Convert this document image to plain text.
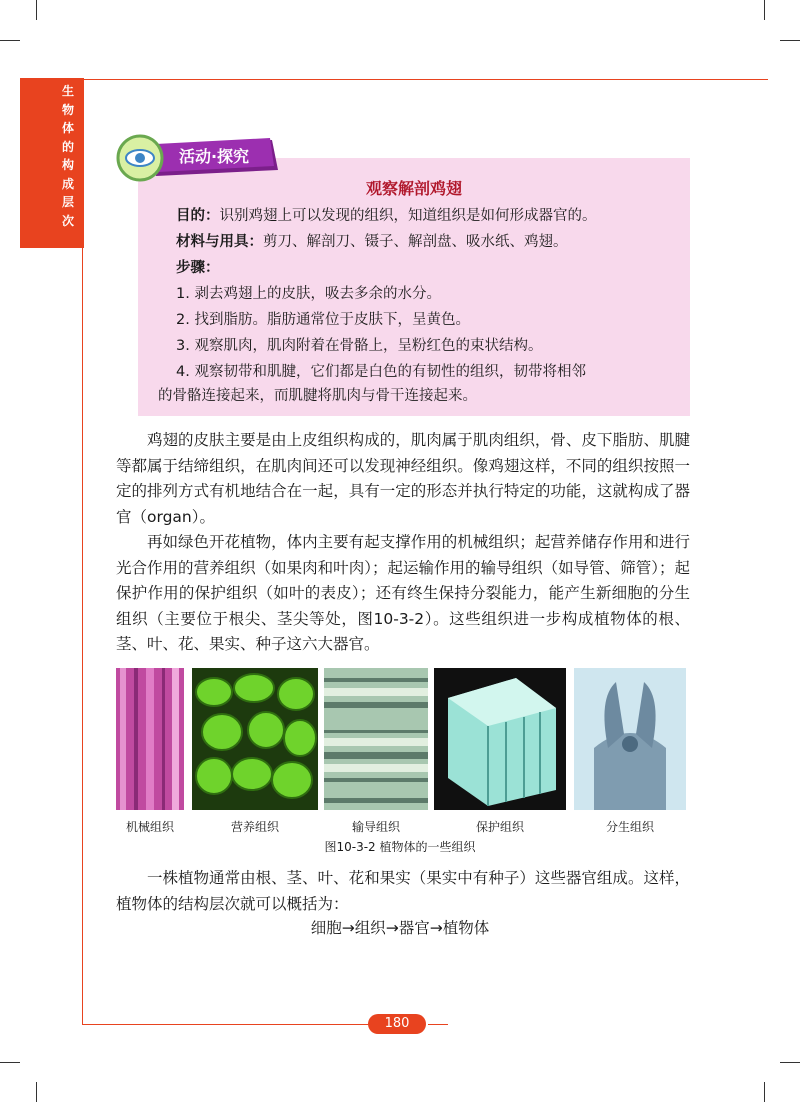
生
物
体
的
构
成
层
次
观察解剖鸡翅
目的：识别鸡翅上可以发现的组织，知道组织是如何形成器官的。
材料与用具：剪刀、解剖刀、镊子、解剖盘、吸水纸、鸡翅。
步骤：
1. 剥去鸡翅上的皮肤，吸去多余的水分。
2. 找到脂肪。脂肪通常位于皮肤下，呈黄色。
3. 观察肌肉，肌肉附着在骨骼上，呈粉红色的束状结构。
4. 观察韧带和肌腱，它们都是白色的有韧性的组织，韧带将相邻
的骨骼连接起来，而肌腱将肌肉与骨干连接起来。
活动·探究
鸡翅的皮肤主要是由上皮组织构成的，肌肉属于肌肉组织，骨、皮下脂肪、肌腱等都属于结缔组织，在肌肉间还可以发现神经组织。像鸡翅这样，不同的组织按照一定的排列方式有机地结合在一起，具有一定的形态并执行特定的功能，这就构成了器官（organ）。
再如绿色开花植物，体内主要有起支撑作用的机械组织；起营养储存作用和进行光合作用的营养组织（如果肉和叶肉）；起运输作用的输导组织（如导管、筛管）；起保护作用的保护组织（如叶的表皮）；还有终生保持分裂能力，能产生新细胞的分生组织（主要位于根尖、茎尖等处，图10-3-2）。这些组织进一步构成植物体的根、茎、叶、花、果实、种子这六大器官。
机械组织	营养组织	输导组织	保护组织	分生组织
图10-3-2 植物体的一些组织
一株植物通常由根、茎、叶、花和果实（果实中有种子）这些器官组成。这样，植物体的结构层次就可以概括为：
细胞→组织→器官→植物体
180
